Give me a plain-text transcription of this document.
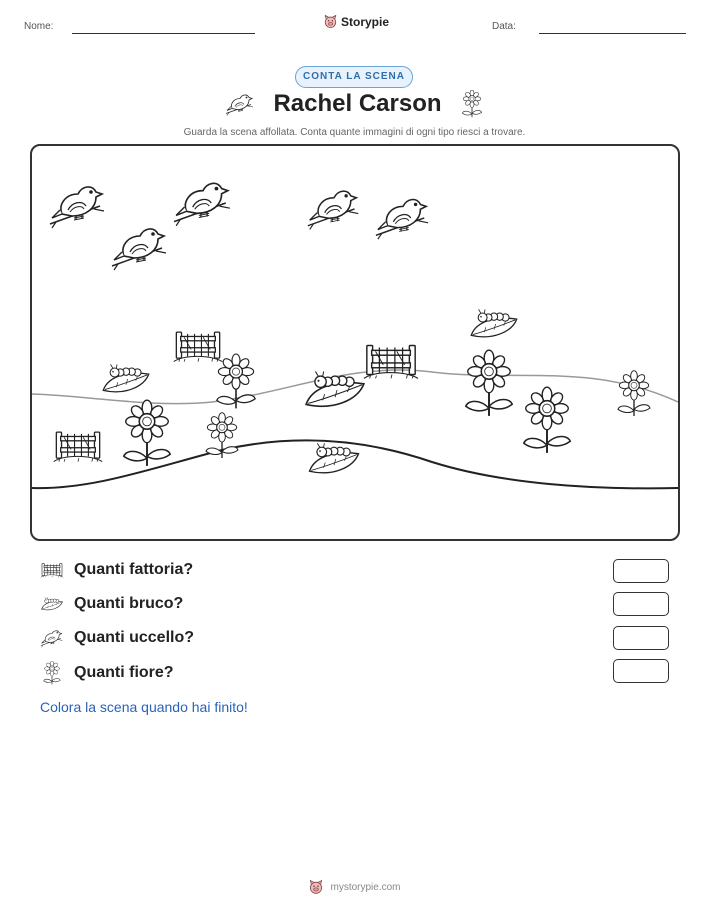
Nome:	Storypie	Data:
CONTA LA SCENA
Rachel Carson
Guarda la scena affollata. Conta quante immagini di ogni tipo riesci a trovare.
Quanti fattoria?
Quanti bruco?
Quanti uccello?
Quanti fiore?
Colora la scena quando hai finito!
mystorypie.com
